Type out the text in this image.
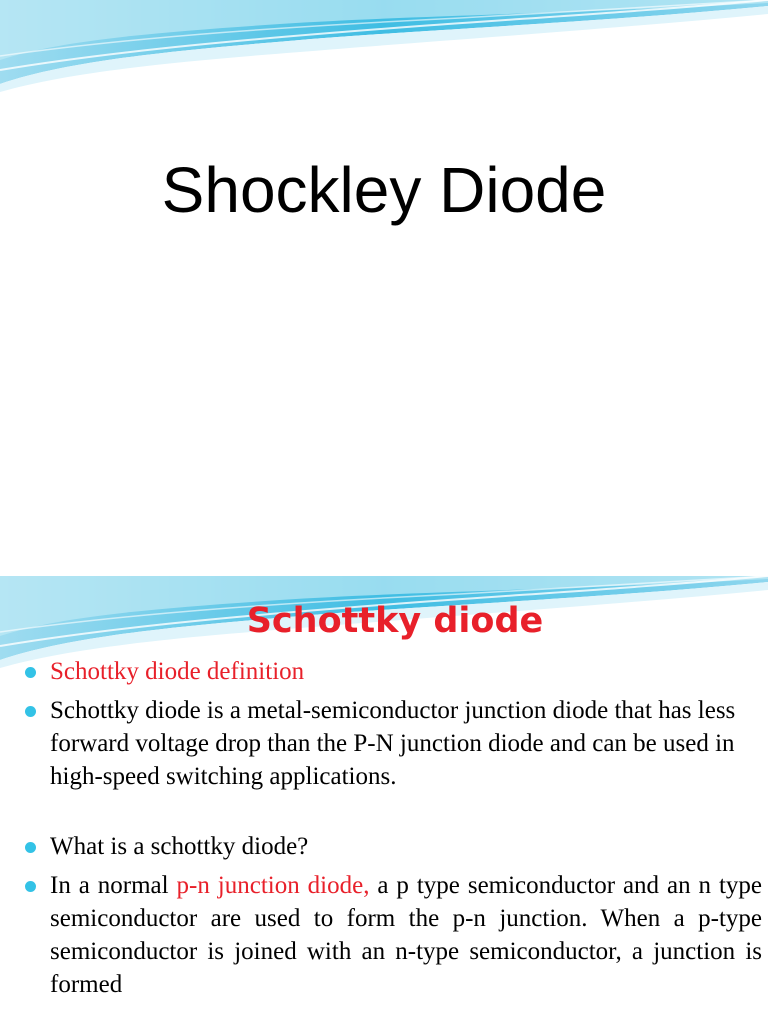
Shockley Diode
Schottky diode
Schottky diode definition
Schottky diode is a metal-semiconductor junction diode that has less forward voltage drop than the P-N junction diode and can be used in high-speed switching applications.
What is a schottky diode?
In a normal p-n junction diode, a p type semiconductor and an n type semiconductor are used to form the p-n junction. When a p-type semiconductor is joined with an n-type semiconductor, a junction is formed
